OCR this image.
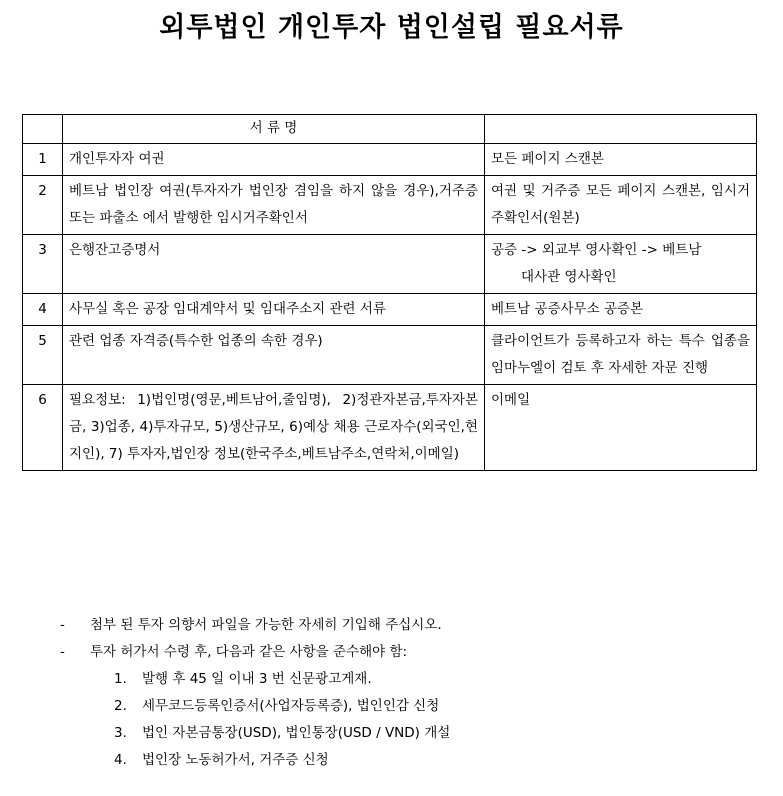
외투법인 개인투자 법인설립 필요서류
	서 류 명	
1	개인투자자 여권	모든 페이지 스캔본
2	베트남 법인장 여권(투자자가 법인장 겸임을 하지 않을 경우),거주증 또는 파출소 에서 발행한 임시거주확인서	여권 및 거주증 모든 페이지 스캔본, 임시거주확인서(원본)
3	은행잔고증명서	공증 -> 외교부 영사확인 -> 베트남
대사관 영사확인

4	사무실 혹은 공장 임대계약서 및 임대주소지 관련 서류	베트남 공증사무소 공증본
5	관련 업종 자격증(특수한 업종의 속한 경우)	클라이언트가 등록하고자 하는 특수 업종을 임마누엘이 검토 후 자세한 자문 진행
6	필요정보: 1)법인명(영문,베트남어,줄임명), 2)정관자본금,투자자본금, 3)업종, 4)투자규모, 5)생산규모, 6)예상 채용 근로자수(외국인,현지인), 7) 투자자,법인장 정보(한국주소,베트남주소,연락처,이메일)	이메일
- 첨부 된 투자 의향서 파일을 가능한 자세히 기입해 주십시오.
- 투자 허가서 수령 후, 다음과 같은 사항을 준수해야 함:
1. 발행 후 45 일 이내 3 번 신문광고게재.
2. 세무코드등록인증서(사업자등록증), 법인인감 신청
3. 법인 자본금통장(USD), 법인통장(USD / VND) 개설
4. 법인장 노동허가서, 거주증 신청
